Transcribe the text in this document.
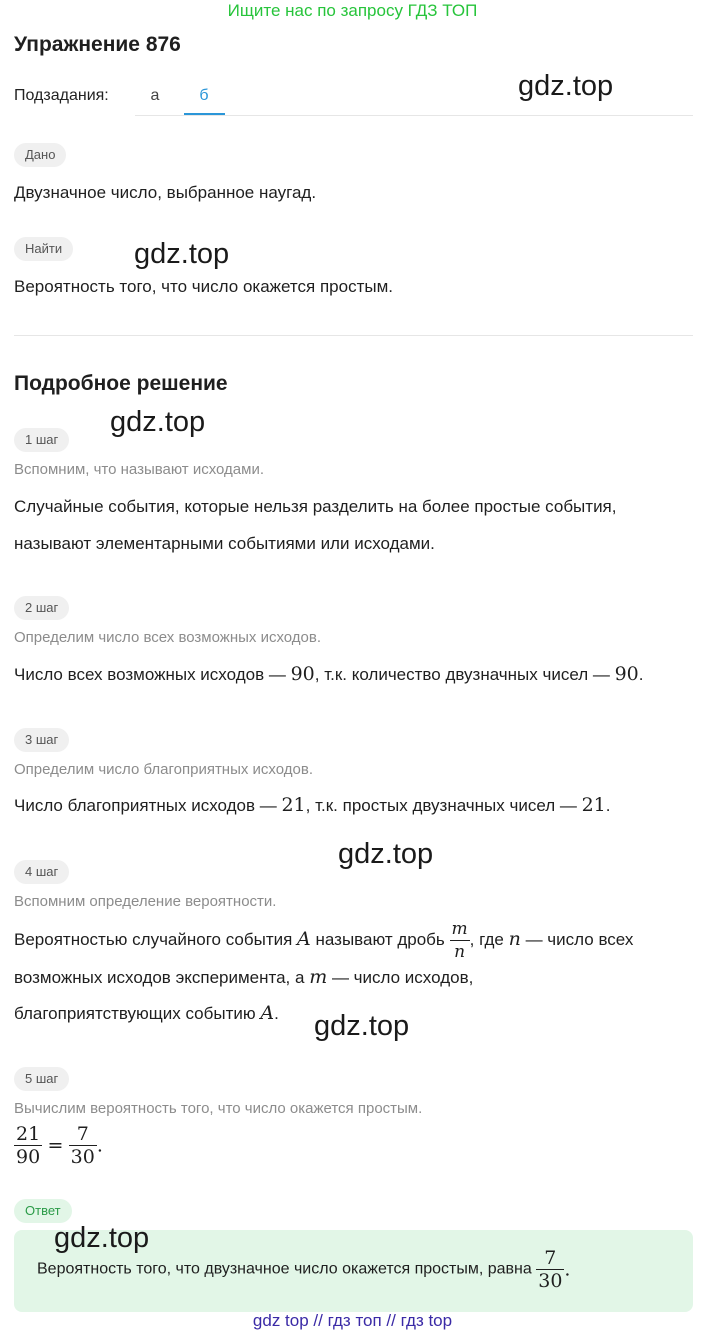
Ищите нас по запросу ГДЗ ТОП
Упражнение 876
Подзадания:	а	б	gdz.top
Дано
Двузначное число, выбранное наугад.
Найти	gdz.top
Вероятность того, что число окажется простым.
Подробное решение
gdz.top
1 шаг
Вспомним, что называют исходами.
Случайные события, которые нельзя разделить на более простые события,
называют элементарными событиями или исходами.
2 шаг
Определим число всех возможных исходов.
Число всех возможных исходов — 90, т.к. количество двузначных чисел — 90.
3 шаг
Определим число благоприятных исходов.
Число благоприятных исходов — 21, т.к. простых двузначных чисел — 21.
gdz.top
4 шаг
Вспомним определение вероятности.
Вероятностью случайного события A называют дробь $\frac{m}{n}$ , где n — число всех
возможных исходов эксперимента, а m — число исходов,
благоприятствующих событию A. gdz.top
5 шаг
Вычислим вероятность того, что число окажется простым.
$\frac{21}{90} = \frac{7}{30}$ .
Ответ
gdz.top
Вероятность того, что двузначное число окажется простым, равна $\frac{7}{30}$ .
gdz top // гдз топ // гдз top
